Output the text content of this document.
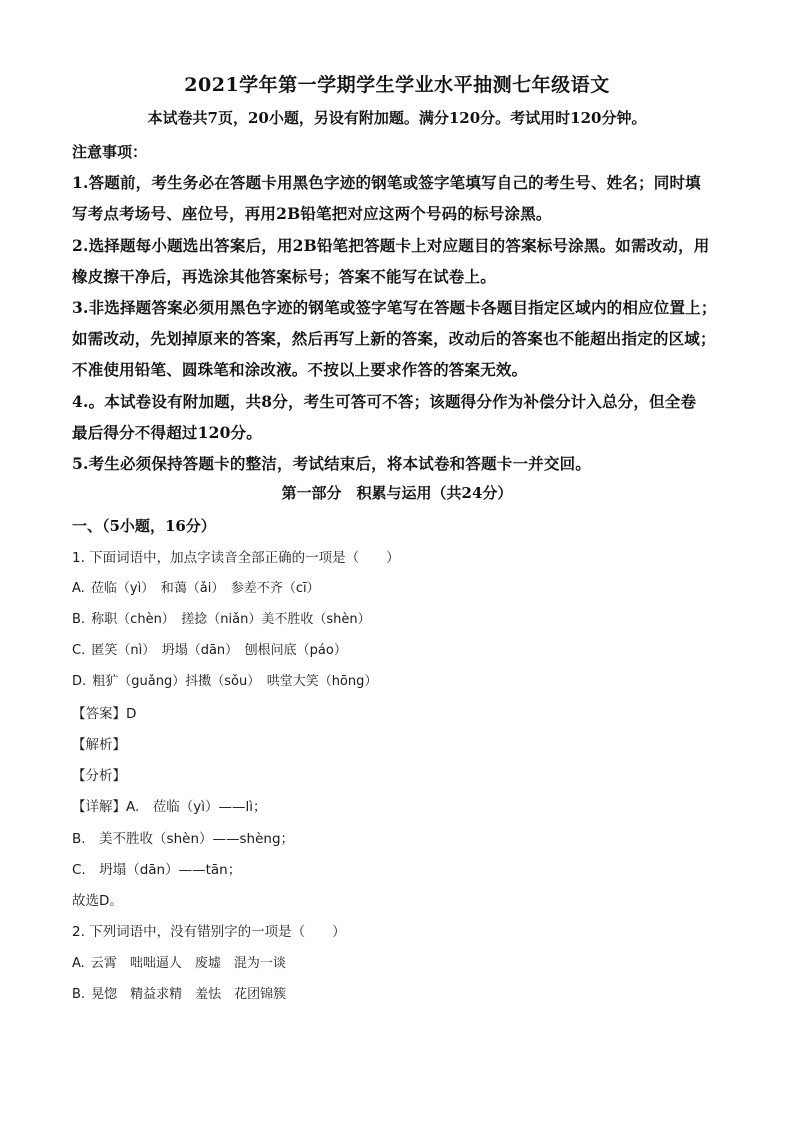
2021学年第一学期学生学业水平抽测七年级语文
本试卷共7页，20小题，另设有附加题。满分120分。考试用时120分钟。
注意事项：
1.答题前，考生务必在答题卡用黑色字迹的钢笔或签字笔填写自己的考生号、姓名；同时填
写考点考场号、座位号，再用2B铅笔把对应这两个号码的标号涂黑。
2.选择题每小题选出答案后，用2B铅笔把答题卡上对应题目的答案标号涂黑。如需改动，用
橡皮擦干净后，再选涂其他答案标号；答案不能写在试卷上。
3.非选择题答案必须用黑色字迹的钢笔或签字笔写在答题卡各题目指定区域内的相应位置上；
如需改动，先划掉原来的答案，然后再写上新的答案，改动后的答案也不能超出指定的区域；
不准使用铅笔、圆珠笔和涂改液。不按以上要求作答的答案无效。
4.。本试卷设有附加题，共8分，考生可答可不答；该题得分作为补偿分计入总分，但全卷
最后得分不得超过120分。
5.考生必须保持答题卡的整洁，考试结束后，将本试卷和答题卡一并交回。
第一部分　积累与运用（共24分）
一、（5小题，16分）
1. 下面词语中，加点字读音全部正确的一项是（　　）
A. 莅临（yì）　和蔼（ǎi）　参差不齐（cī）
B. 称职（chèn）　搓捻（niǎn）美不胜收（shèn）
C. 匿笑（nì）　坍塌（dān）　刨根问底（páo）
D. 粗犷（guǎng）抖擞（sǒu）　哄堂大笑（hōng）
【答案】D
【解析】
【分析】
【详解】A.　莅临（yì）——lì；
B.　美不胜收（shèn）——shèng；
C.　坍塌（dān）——tān；
故选D。
2. 下列词语中，没有错别字的一项是（　　）
A. 云霄　咄咄逼人　废墟　混为一谈
B. 晃惚　精益求精　羞怯　花团锦簇
